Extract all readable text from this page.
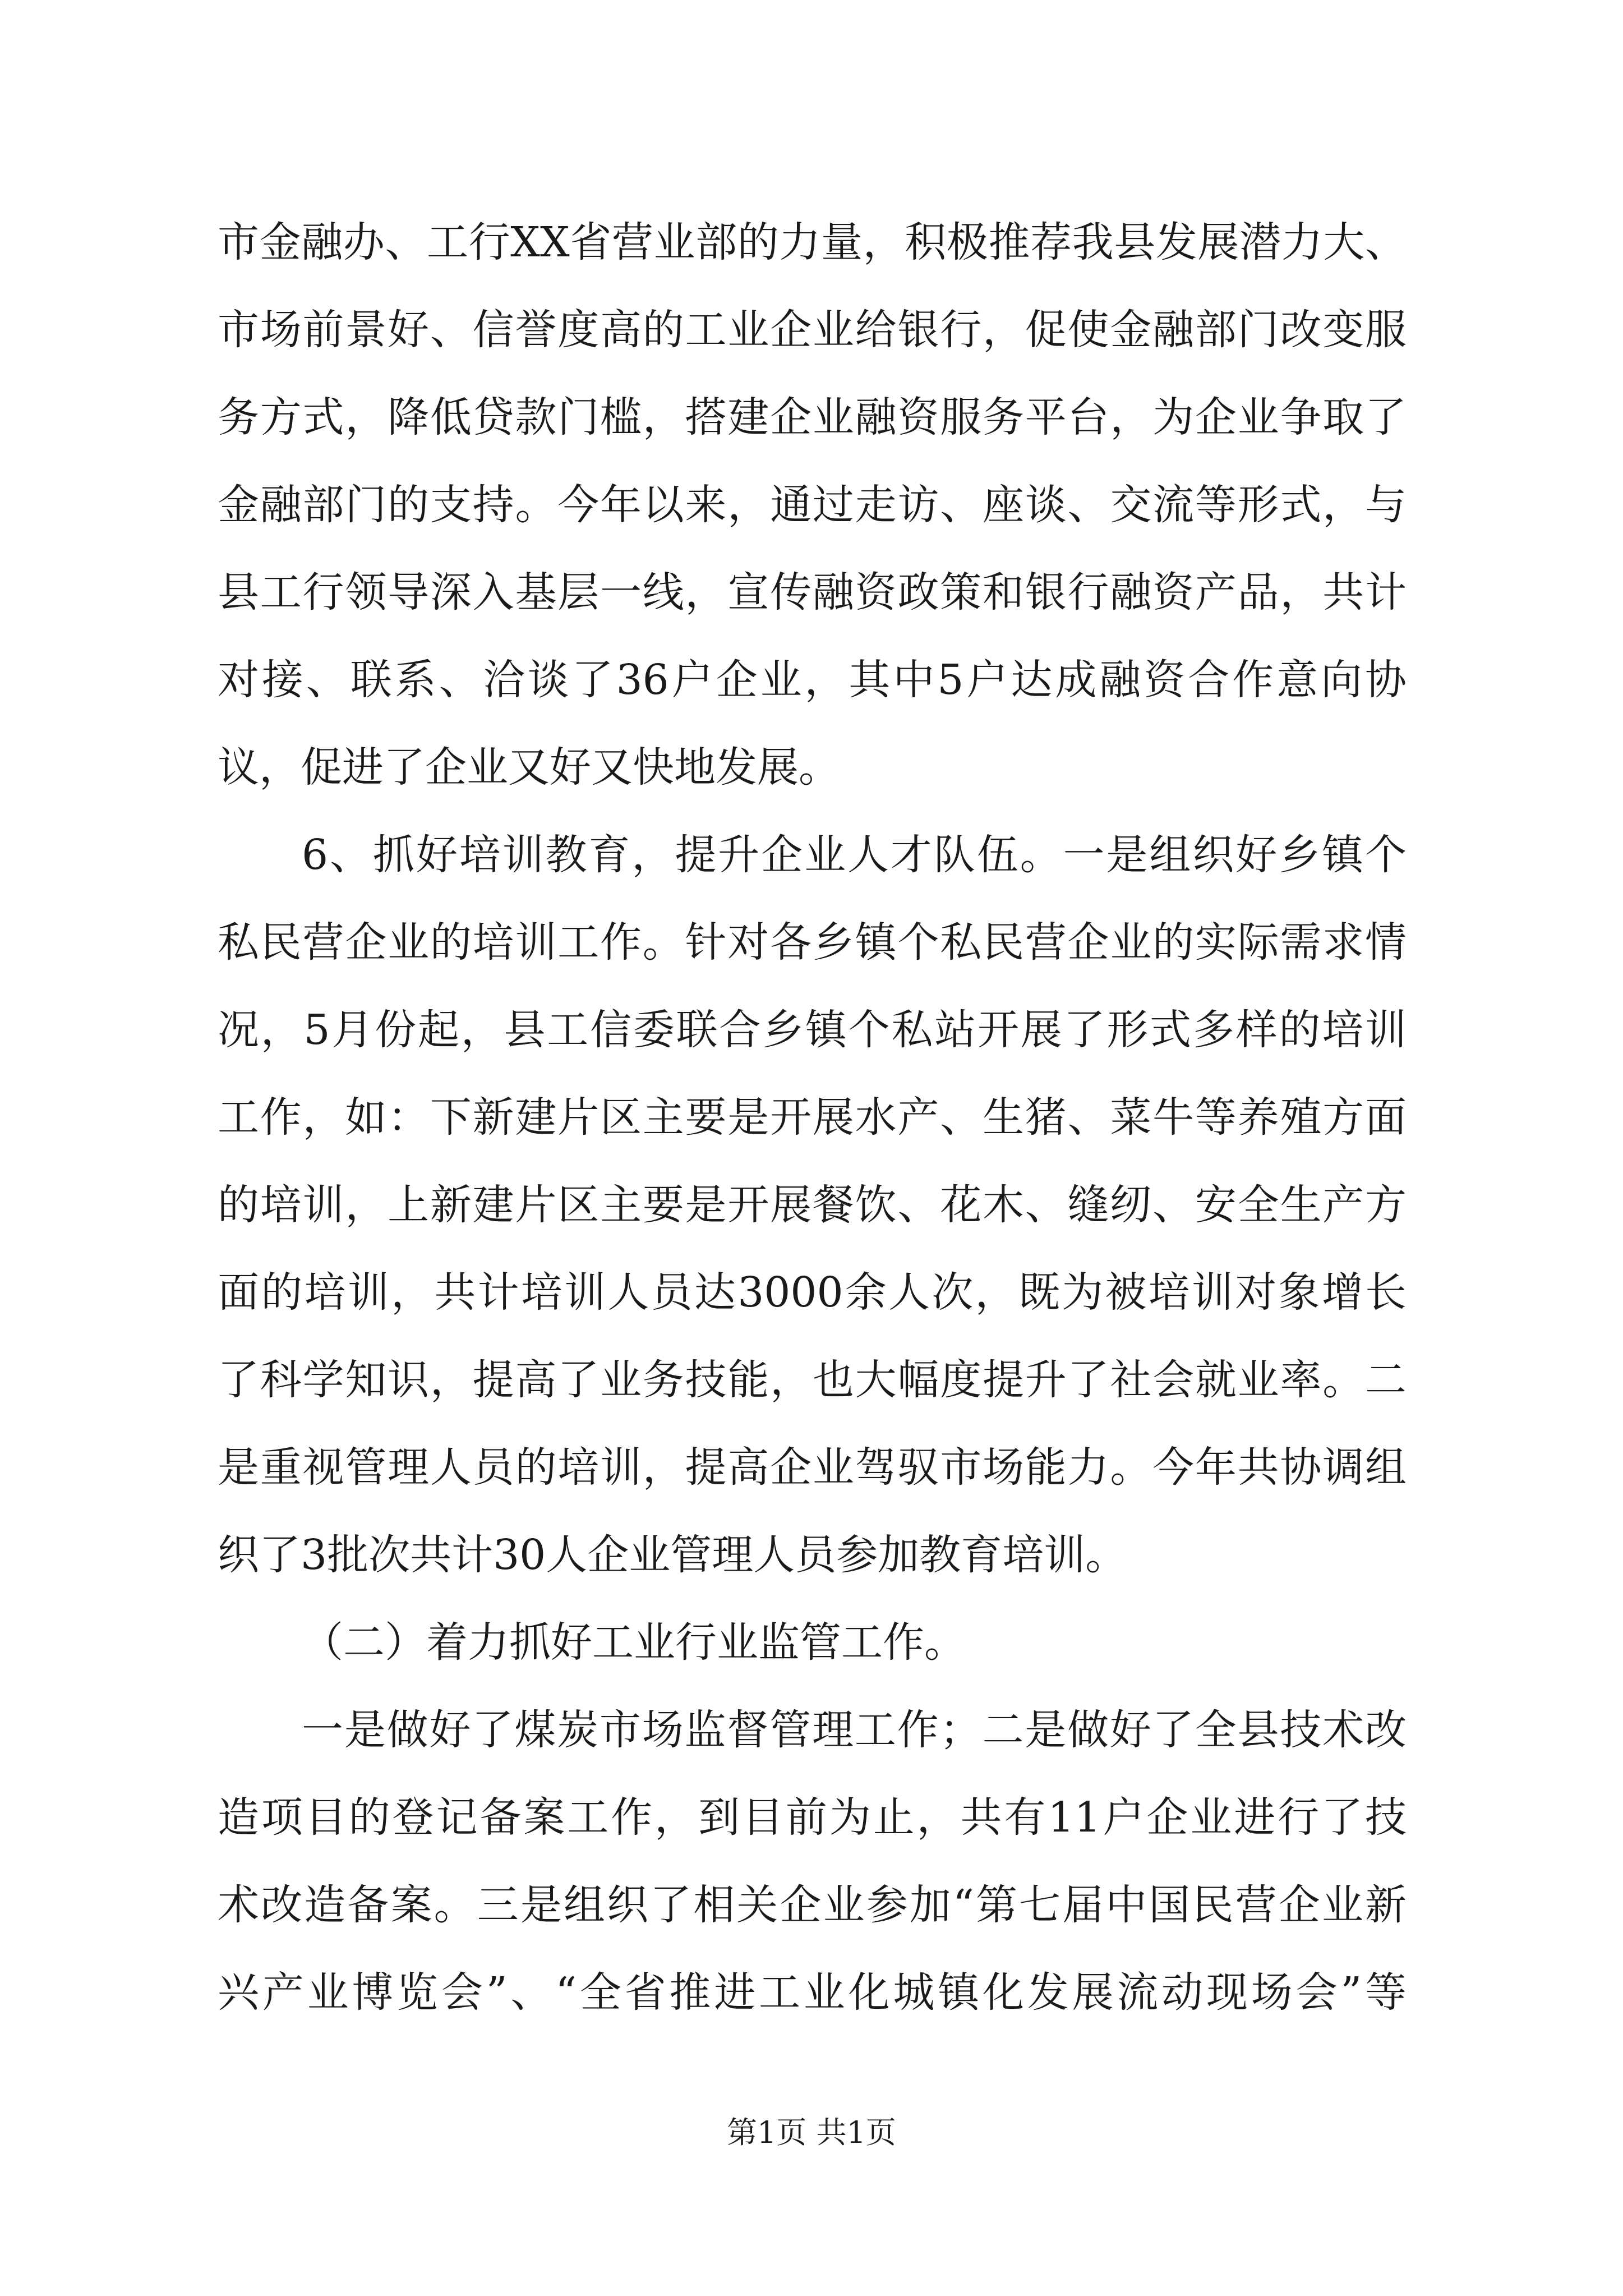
市金融办、工行XX省营业部的力量，积极推荐我县发展潜力大、
市场前景好、信誉度高的工业企业给银行，促使金融部门改变服
务方式，降低贷款门槛，搭建企业融资服务平台，为企业争取了
金融部门的支持。今年以来，通过走访、座谈、交流等形式，与
县工行领导深入基层一线，宣传融资政策和银行融资产品，共计
对接、联系、洽谈了36户企业，其中5户达成融资合作意向协
议，促进了企业又好又快地发展。
6、抓好培训教育，提升企业人才队伍。一是组织好乡镇个
私民营企业的培训工作。针对各乡镇个私民营企业的实际需求情
况，5月份起，县工信委联合乡镇个私站开展了形式多样的培训
工作，如：下新建片区主要是开展水产、生猪、菜牛等养殖方面
的培训，上新建片区主要是开展餐饮、花木、缝纫、安全生产方
面的培训，共计培训人员达3000余人次，既为被培训对象增长
了科学知识，提高了业务技能，也大幅度提升了社会就业率。二
是重视管理人员的培训，提高企业驾驭市场能力。今年共协调组
织了3批次共计30人企业管理人员参加教育培训。
（二）着力抓好工业行业监管工作。
一是做好了煤炭市场监督管理工作；二是做好了全县技术改
造项目的登记备案工作，到目前为止，共有11户企业进行了技
术改造备案。三是组织了相关企业参加“第七届中国民营企业新
兴产业博览会”、“全省推进工业化城镇化发展流动现场会”等
第1页 共1页
